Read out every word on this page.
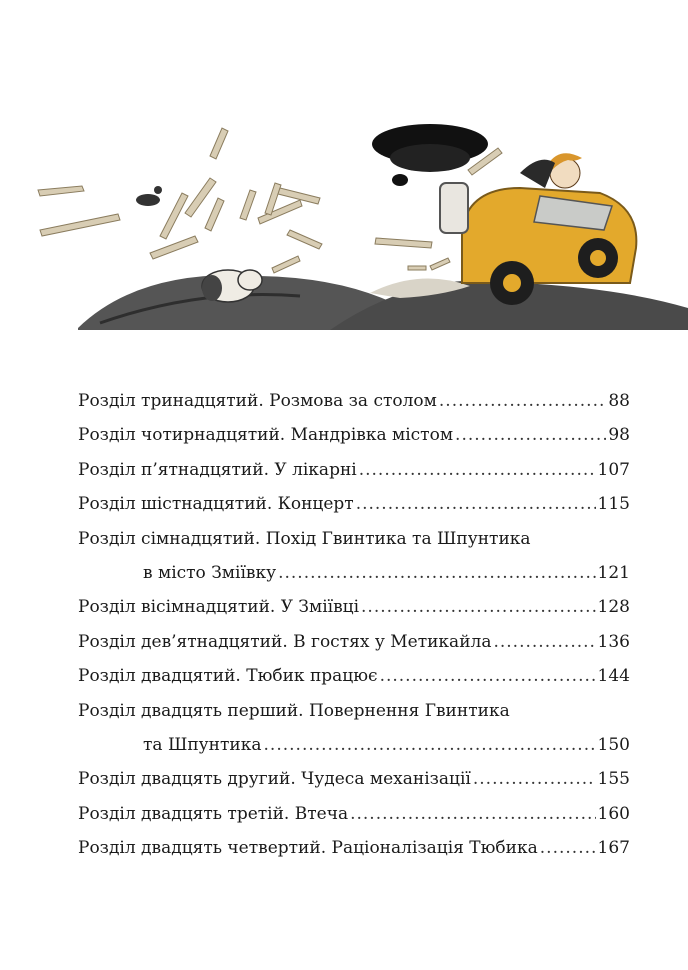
Розділ тринадцятий. Розмова за столом .....	88
Розділ чотирнадцятий. Мандрівка містом .....	98
Розділ п’ятнадцятий. У лікарні .....	107
Розділ шістнадцятий. Концерт .....	115
Розділ сімнадцятий. Похід Гвинтика та Шпунтика
в місто Зміївку .....	121
Розділ вісімнадцятий. У Зміївці .....	128
Розділ дев’ятнадцятий. В гостях у Метикайла .....	136
Розділ двадцятий. Тюбик працює .....	144
Розділ двадцять перший. Повернення Гвинтика
та Шпунтика .....	150
Розділ двадцять другий. Чудеса механізації .....	155
Розділ двадцять третій. Втеча .....	160
Розділ двадцять четвертий. Раціоналізація Тюбика .....	167
